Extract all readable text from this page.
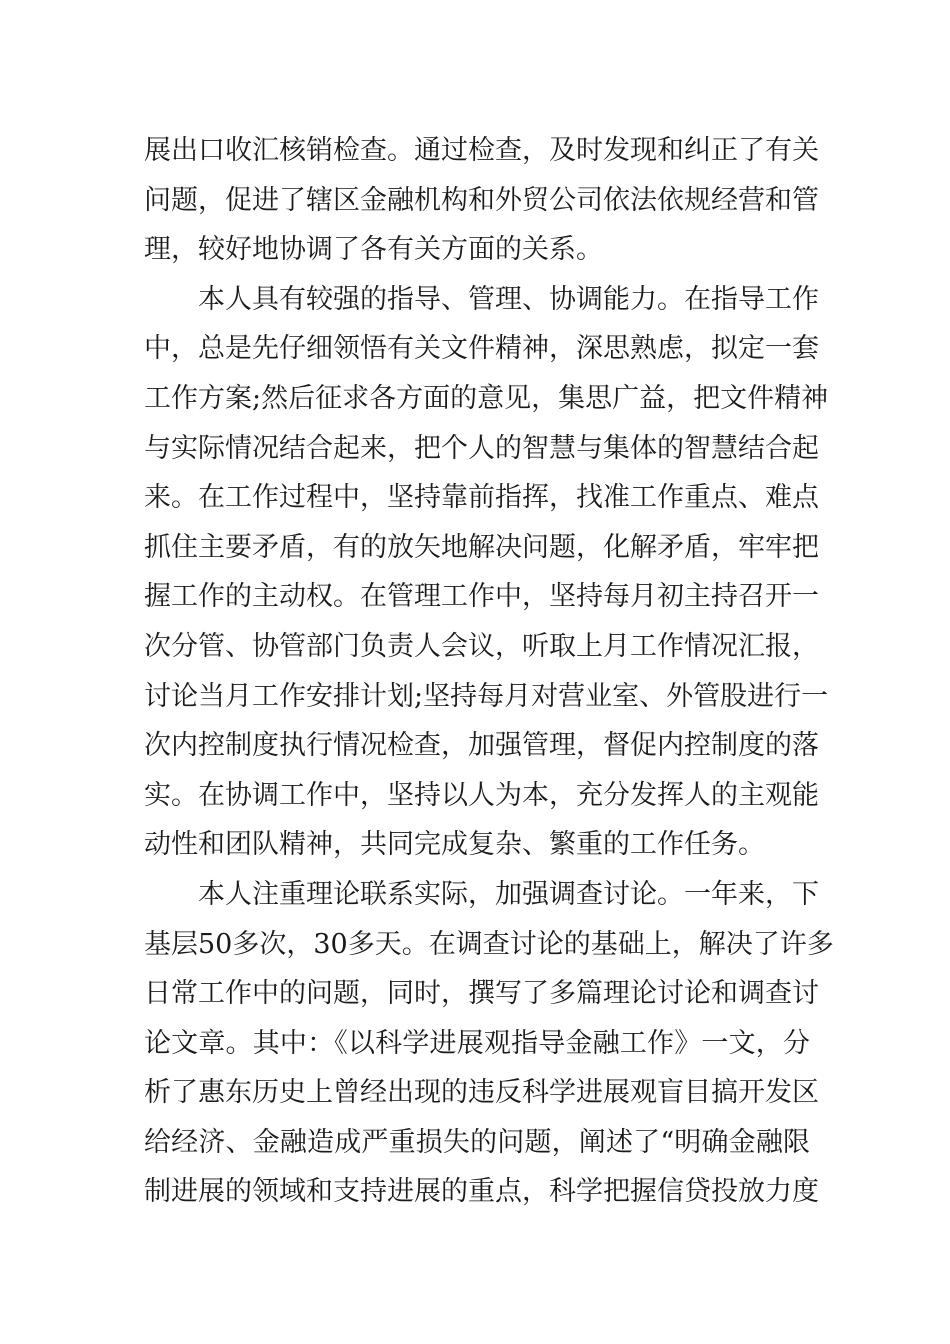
展出口收汇核销检查。通过检查，及时发现和纠正了有关
问题，促进了辖区金融机构和外贸公司依法依规经营和管
理，较好地协调了各有关方面的关系。
本人具有较强的指导、管理、协调能力。在指导工作
中，总是先仔细领悟有关文件精神，深思熟虑，拟定一套
工作方案;然后征求各方面的意见，集思广益，把文件精神
与实际情况结合起来，把个人的智慧与集体的智慧结合起
来。在工作过程中，坚持靠前指挥，找准工作重点、难点
抓住主要矛盾，有的放矢地解决问题，化解矛盾，牢牢把
握工作的主动权。在管理工作中，坚持每月初主持召开一
次分管、协管部门负责人会议，听取上月工作情况汇报，
讨论当月工作安排计划;坚持每月对营业室、外管股进行一
次内控制度执行情况检查，加强管理，督促内控制度的落
实。在协调工作中，坚持以人为本，充分发挥人的主观能
动性和团队精神，共同完成复杂、繁重的工作任务。
本人注重理论联系实际，加强调查讨论。一年来，下
基层50多次，30多天。在调查讨论的基础上，解决了许多
日常工作中的问题，同时，撰写了多篇理论讨论和调查讨
论文章。其中：《以科学进展观指导金融工作》一文，分
析了惠东历史上曾经出现的违反科学进展观盲目搞开发区
给经济、金融造成严重损失的问题，阐述了“明确金融限
制进展的领域和支持进展的重点，科学把握信贷投放力度
